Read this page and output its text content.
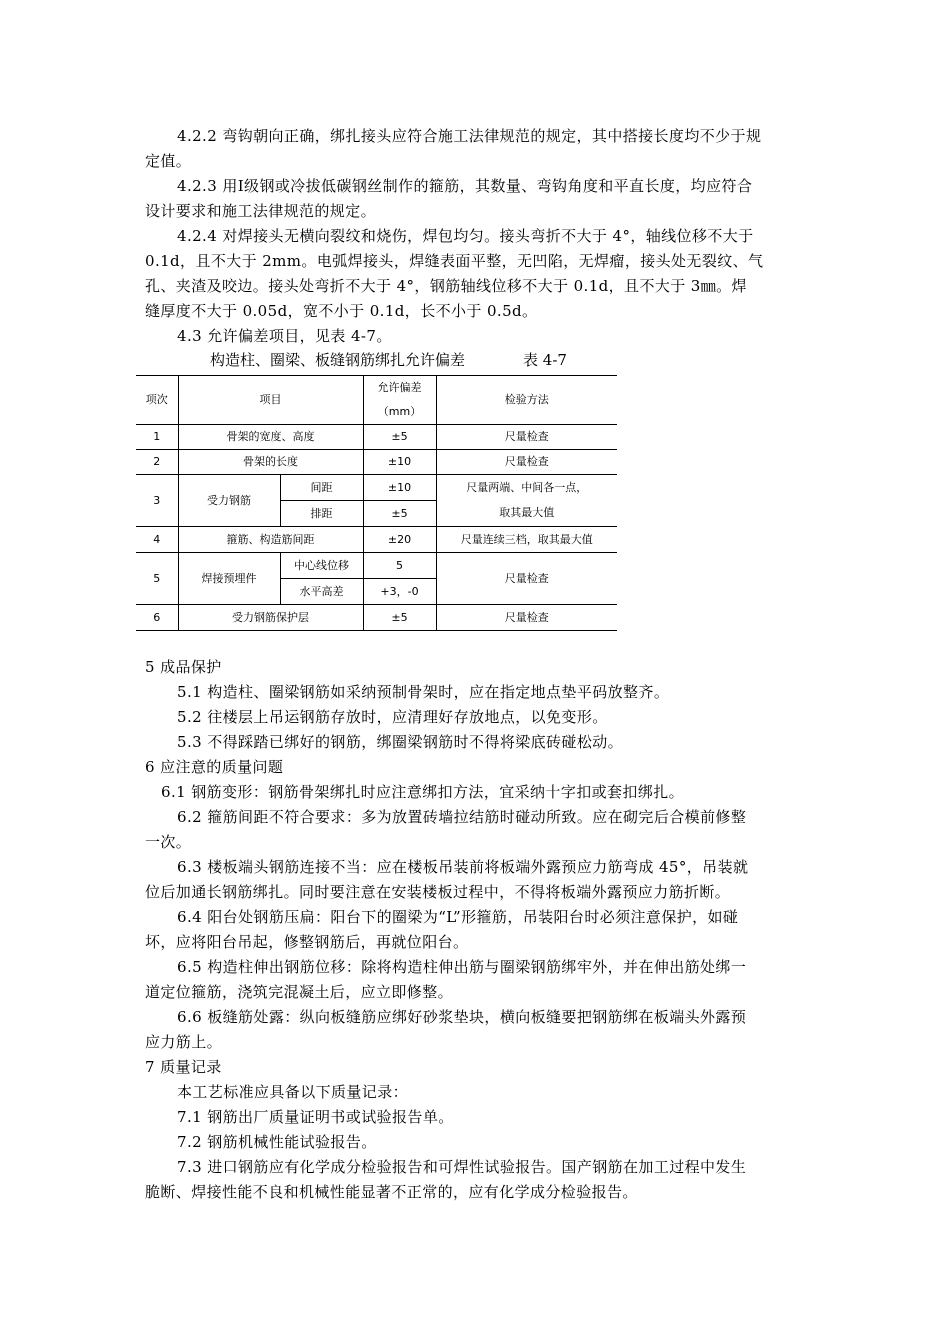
4.2.2 弯钩朝向正确，绑扎接头应符合施工法律规范的规定，其中搭接长度均不少于规
定值。
4.2.3 用Ⅰ级钢或冷拔低碳钢丝制作的箍筋，其数量、弯钩角度和平直长度，均应符合
设计要求和施工法律规范的规定。
4.2.4 对焊接头无横向裂纹和烧伤，焊包均匀。接头弯折不大于 4°，轴线位移不大于
0.1d，且不大于 2mm。电弧焊接头，焊缝表面平整，无凹陷，无焊瘤，接头处无裂纹、气
孔、夹渣及咬边。接头处弯折不大于 4°，钢筋轴线位移不大于 0.1d，且不大于 3㎜。焊
缝厚度不大于 0.05d，宽不小于 0.1d，长不小于 0.5d。
4.3 允许偏差项目，见表 4-7。
构造柱、圈梁、板缝钢筋绑扎允许偏差	表 4-7
项次	项目		允许偏差
（mm）	检验方法
1	骨架的宽度、高度		±5	尺量检查
2	骨架的长度		±10	尺量检查
3	受力钢筋	间距	±10	尺量两端、中间各一点，
		排距	±5	取其最大值
4	箍筋、构造筋间距		±20	尺量连续三档，取其最大值
5	焊接预埋件	中心线位移	5	尺量检查
		水平高差	+3，-0	
6	受力钢筋保护层		±5	尺量检查
5 成品保护
5.1 构造柱、圈梁钢筋如采纳预制骨架时，应在指定地点垫平码放整齐。
5.2 往楼层上吊运钢筋存放时，应清理好存放地点，以免变形。
5.3 不得踩踏已绑好的钢筋，绑圈梁钢筋时不得将梁底砖碰松动。
6 应注意的质量问题
6.1 钢筋变形：钢筋骨架绑扎时应注意绑扣方法，宜采纳十字扣或套扣绑扎。
6.2 箍筋间距不符合要求：多为放置砖墙拉结筋时碰动所致。应在砌完后合模前修整
一次。
6.3 楼板端头钢筋连接不当：应在楼板吊装前将板端外露预应力筋弯成 45°，吊装就
位后加通长钢筋绑扎。同时要注意在安装楼板过程中，不得将板端外露预应力筋折断。
6.4 阳台处钢筋压扁：阳台下的圈梁为“L”形箍筋，吊装阳台时必须注意保护，如碰
坏，应将阳台吊起，修整钢筋后，再就位阳台。
6.5 构造柱伸出钢筋位移：除将构造柱伸出筋与圈梁钢筋绑牢外，并在伸出筋处绑一
道定位箍筋，浇筑完混凝土后，应立即修整。
6.6 板缝筋处露：纵向板缝筋应绑好砂浆垫块，横向板缝要把钢筋绑在板端头外露预
应力筋上。
7 质量记录
本工艺标准应具备以下质量记录：
7.1 钢筋出厂质量证明书或试验报告单。
7.2 钢筋机械性能试验报告。
7.3 进口钢筋应有化学成分检验报告和可焊性试验报告。国产钢筋在加工过程中发生
脆断、焊接性能不良和机械性能显著不正常的，应有化学成分检验报告。
